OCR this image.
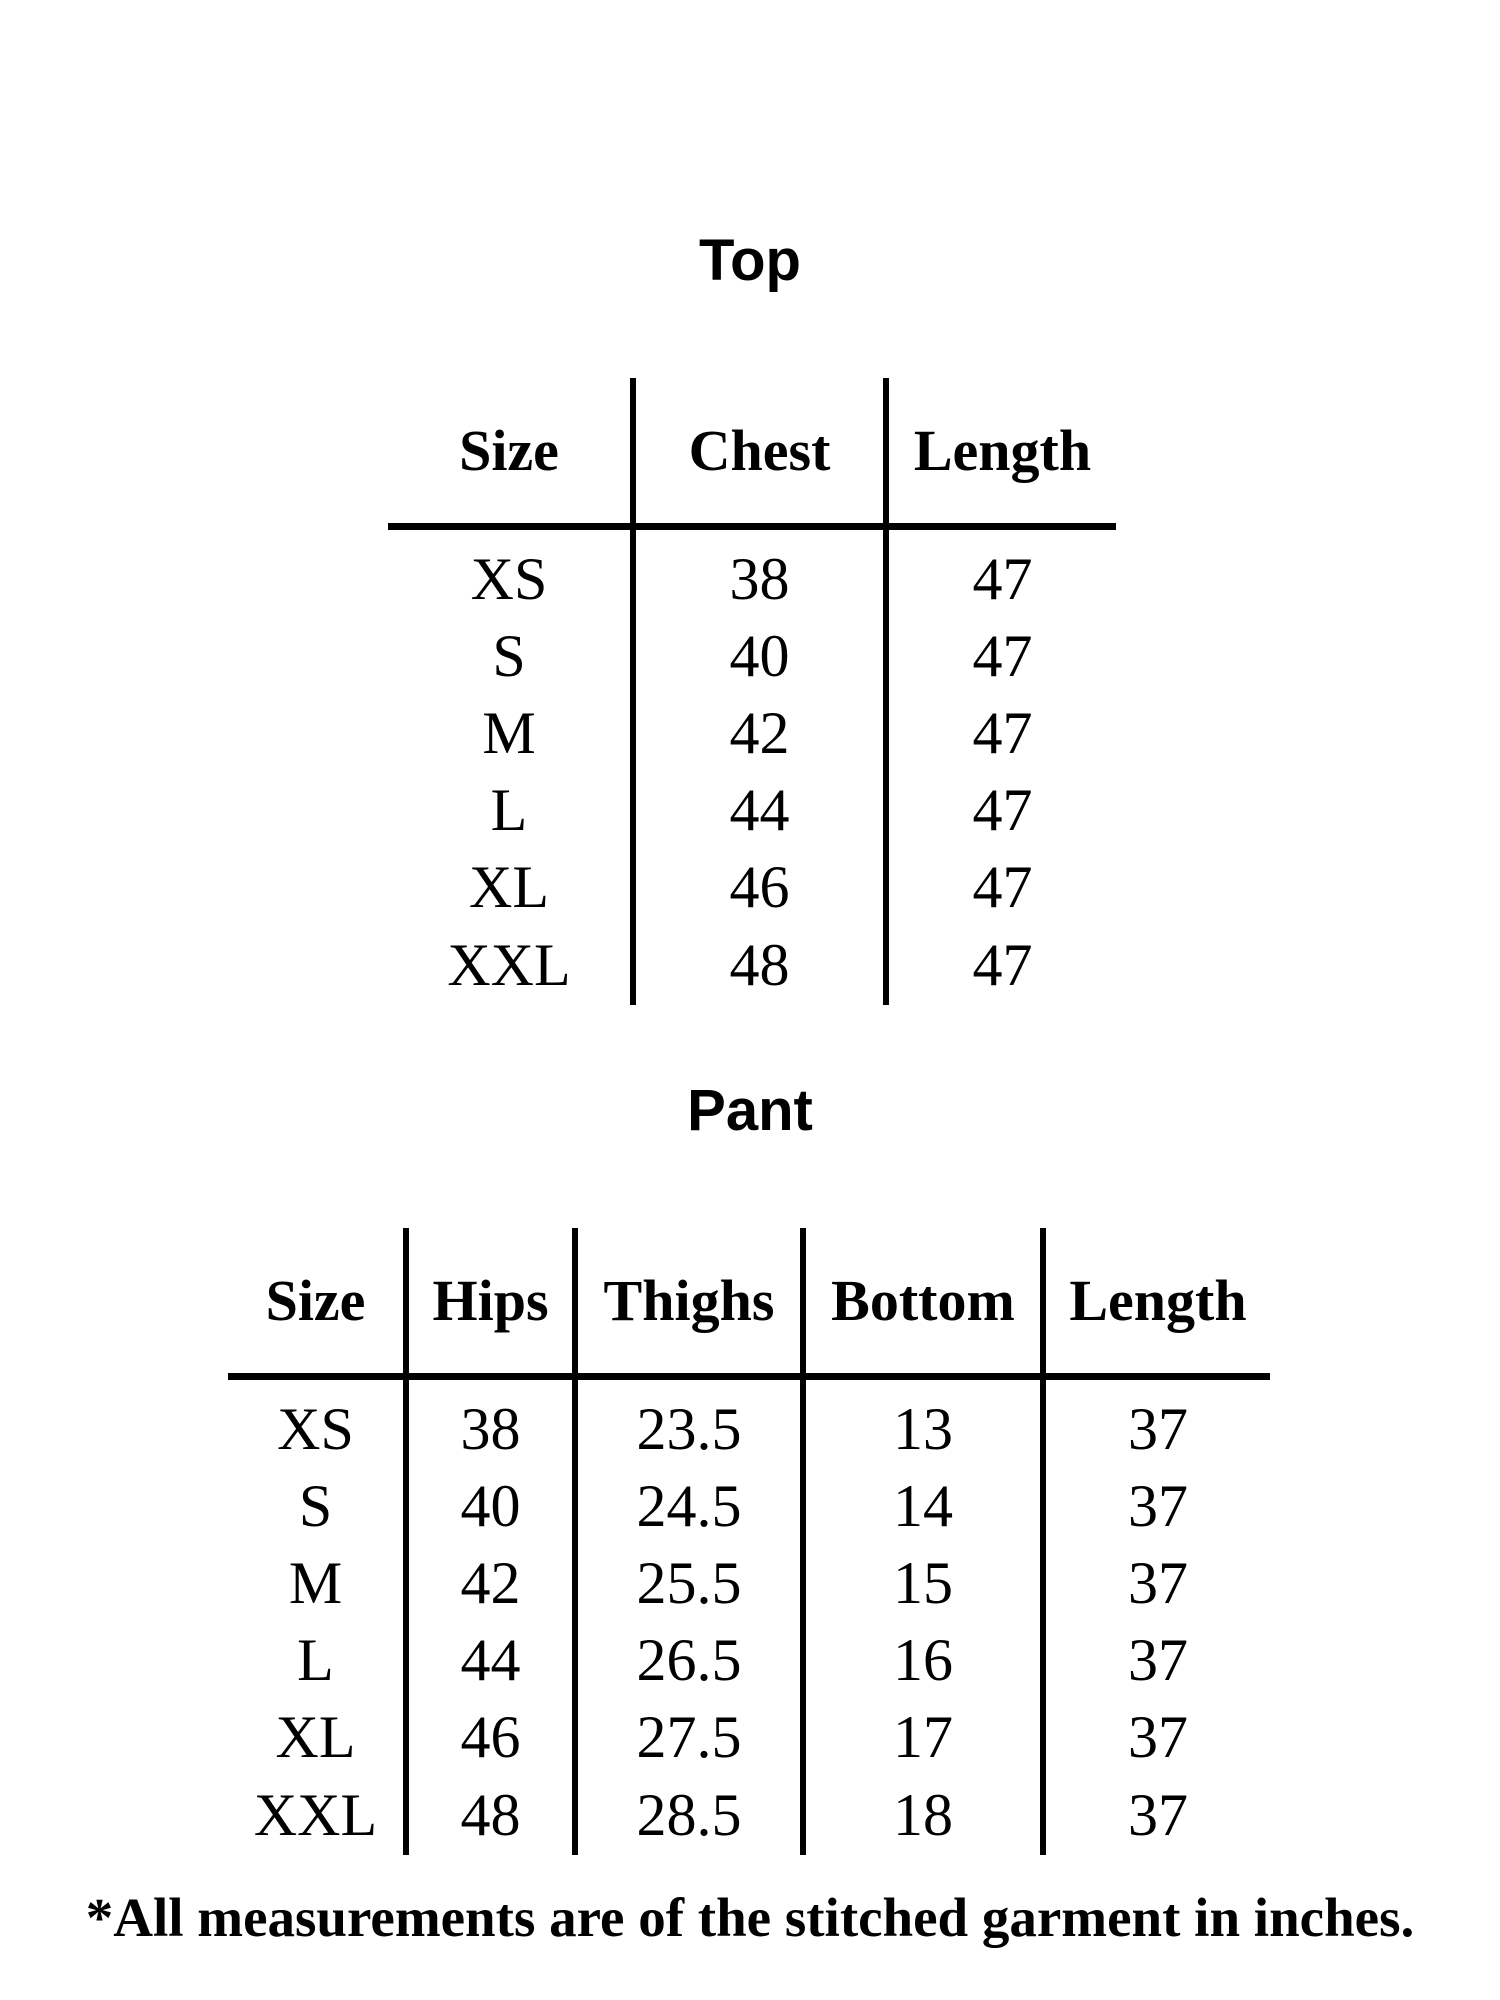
Top
Size	Chest	Length
XS	38	47
S	40	47
M	42	47
L	44	47
XL	46	47
XXL	48	47
Pant
Size	Hips	Thighs	Bottom	Length
XS	38	23.5	13	37
S	40	24.5	14	37
M	42	25.5	15	37
L	44	26.5	16	37
XL	46	27.5	17	37
XXL	48	28.5	18	37

*All measurements are of the stitched garment in inches.
